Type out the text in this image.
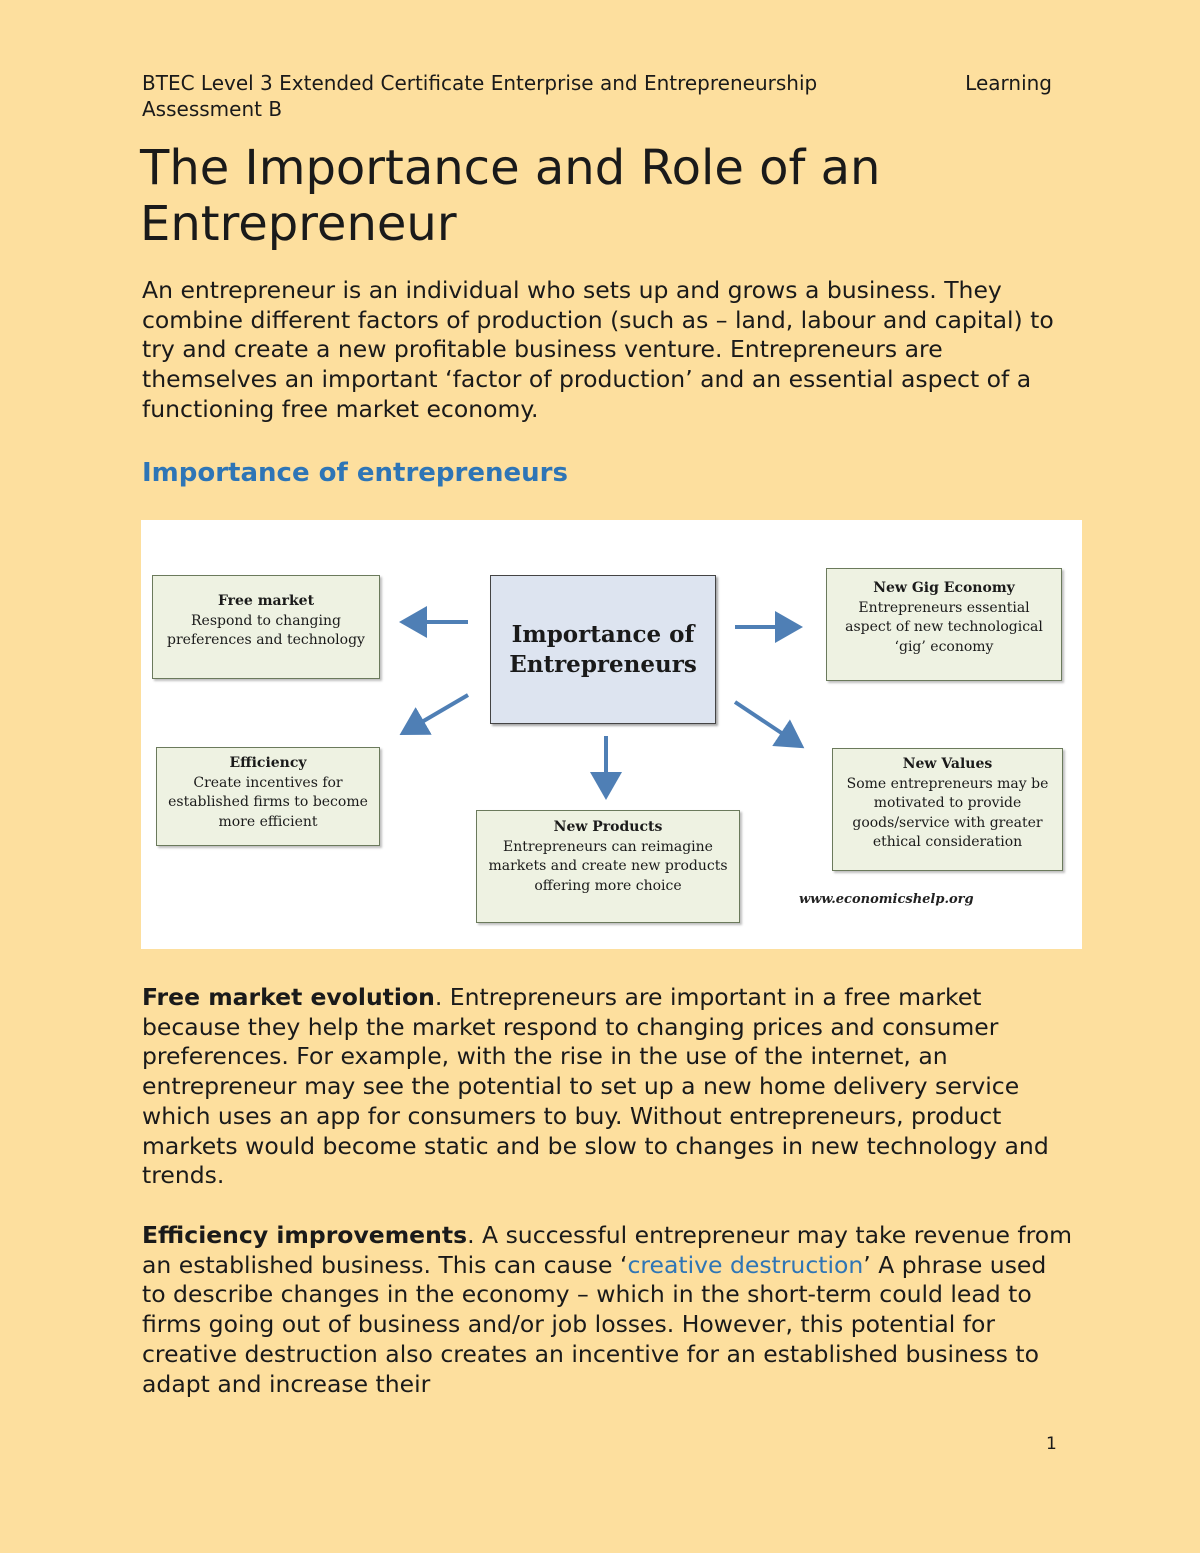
BTEC Level 3 Extended Certificate Enterprise and Entrepreneurship
Assessment B
Learning
The Importance and Role of an Entrepreneur

An entrepreneur is an individual who sets up and grows a business. They combine different factors of production (such as – land, labour and capital) to try and create a new profitable business venture. Entrepreneurs are themselves an important ‘factor of production’ and an essential aspect of a functioning free market economy.

Importance of entrepreneurs
Importance of
Entrepreneurs
Free market
Respond to changing preferences and technology
New Gig Economy
Entrepreneurs essential aspect of new technological ‘gig’ economy
Efficiency
Create incentives for established firms to become more efficient	New Products
Entrepreneurs can reimagine markets and create new products offering more choice
New Values
Some entrepreneurs may be motivated to provide goods/service with greater ethical consideration
www.economicshelp.org

Free market evolution. Entrepreneurs are important in a free market because they help the market respond to changing prices and consumer preferences. For example, with the rise in the use of the internet, an entrepreneur may see the potential to set up a new home delivery service which uses an app for consumers to buy. Without entrepreneurs, product markets would become static and be slow to changes in new technology and trends.

Efficiency improvements. A successful entrepreneur may take revenue from an established business. This can cause ‘creative destruction’ A phrase used to describe changes in the economy – which in the short-term could lead to firms going out of business and/or job losses. However, this potential for creative destruction also creates an incentive for an established business to adapt and increase their

1
